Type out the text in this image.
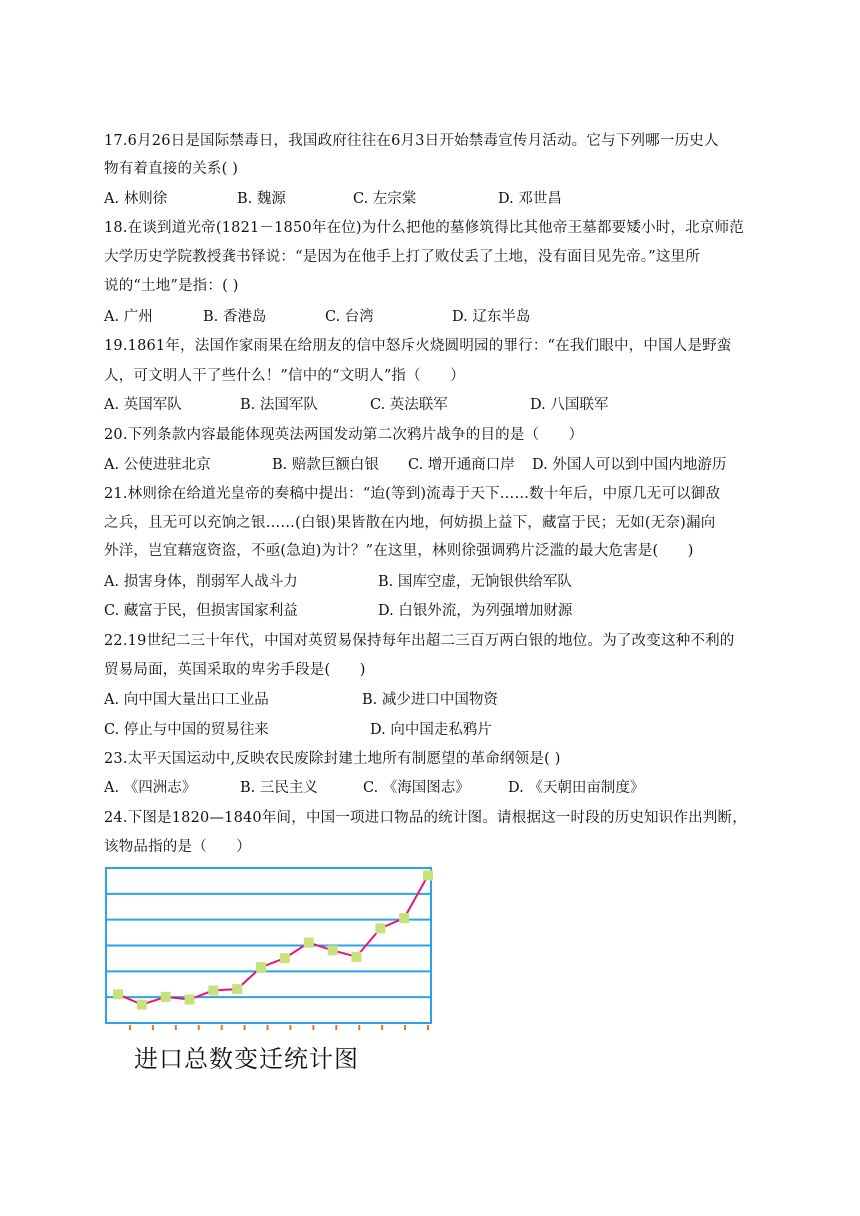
17.6月26日是国际禁毒日，我国政府往往在6月3日开始禁毒宣传月活动。它与下列哪一历史人
物有着直接的关系( )
A. 林则徐	B. 魏源	C. 左宗棠	D. 邓世昌
18.在谈到道光帝(1821－1850年在位)为什么把他的墓修筑得比其他帝王墓都要矮小时，北京师范
大学历史学院教授龚书铎说：“是因为在他手上打了败仗丢了土地，没有面目见先帝。”这里所
说的“土地”是指：( )
A. 广州	B. 香港岛	C. 台湾	D. 辽东半岛
19.1861年，法国作家雨果在给朋友的信中怒斥火烧圆明园的罪行：“在我们眼中，中国人是野蛮
人，可文明人干了些什么！”信中的“文明人”指（　　）
A. 英国军队	B. 法国军队	C. 英法联军	D. 八国联军
20.下列条款内容最能体现英法两国发动第二次鸦片战争的目的是（　　）
A. 公使进驻北京	B. 赔款巨额白银 C. 增开通商口岸 D. 外国人可以到中国内地游历
21.林则徐在给道光皇帝的奏稿中提出：“迨(等到)流毒于天下……数十年后，中原几无可以御敌
之兵，且无可以充饷之银……(白银)果皆散在内地，何妨损上益下，藏富于民；无如(无奈)漏向
外洋，岂宜藉寇资盗，不亟(急迫)为计？”在这里，林则徐强调鸦片泛滥的最大危害是(　　)
A. 损害身体，削弱军人战斗力	B. 国库空虚，无饷银供给军队
C. 藏富于民，但损害国家利益	D. 白银外流，为列强增加财源
22.19世纪二三十年代，中国对英贸易保持每年出超二三百万两白银的地位。为了改变这种不利的
贸易局面，英国采取的卑劣手段是(　　)
A. 向中国大量出口工业品	B. 减少进口中国物资
C. 停止与中国的贸易往来	D. 向中国走私鸦片
23.太平天国运动中,反映农民废除封建土地所有制愿望的革命纲领是( )
A. 《四洲志》	B. 三民主义	C. 《海国图志》	D. 《天朝田亩制度》
24.下图是1820—1840年间，中国一项进口物品的统计图。请根据这一时段的历史知识作出判断，
该物品指的是（　　）
进口总数变迁统计图
